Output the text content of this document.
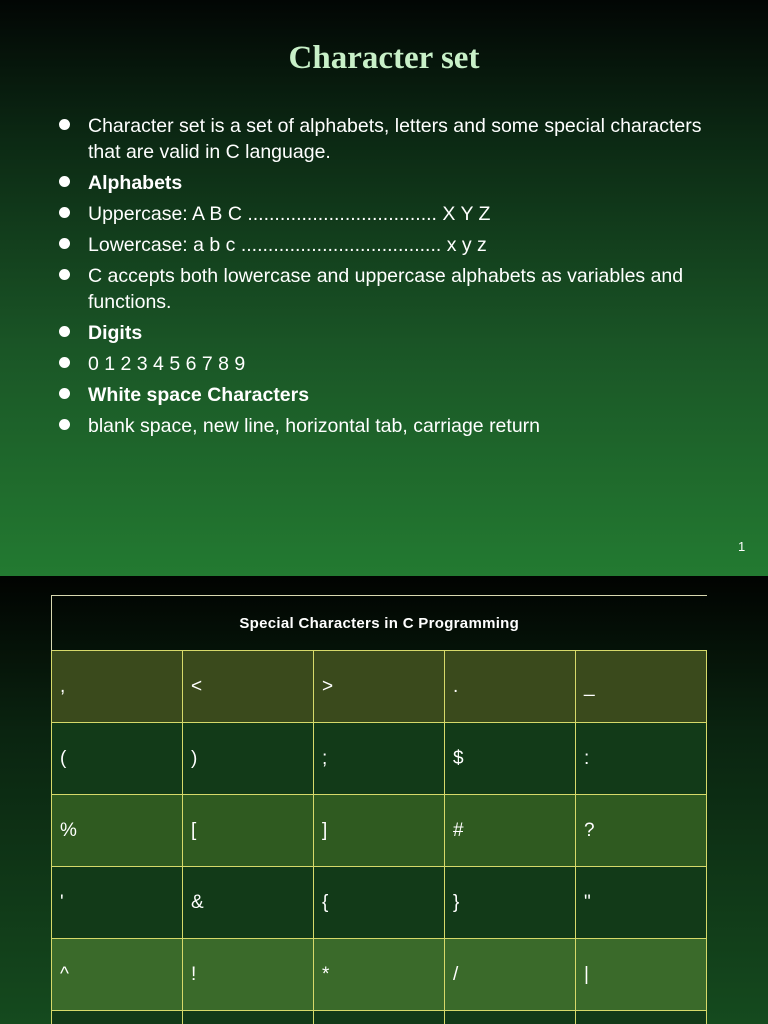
Character set
Character set is a set of alphabets, letters and some special characters that are valid in C language.
Alphabets
Uppercase: A B C ................................... X Y Z
Lowercase: a b c ..................................... x y z
C accepts both lowercase and uppercase alphabets as variables and functions.
Digits
0 1 2 3 4 5 6 7 8 9
White space Characters
blank space, new line, horizontal tab, carriage return
1
Special Characters in C Programming				
,	<	>	.	_
(	)	;	$	:
%	[	]	#	?
'	&	{	}	"
^	!	*	/	|
